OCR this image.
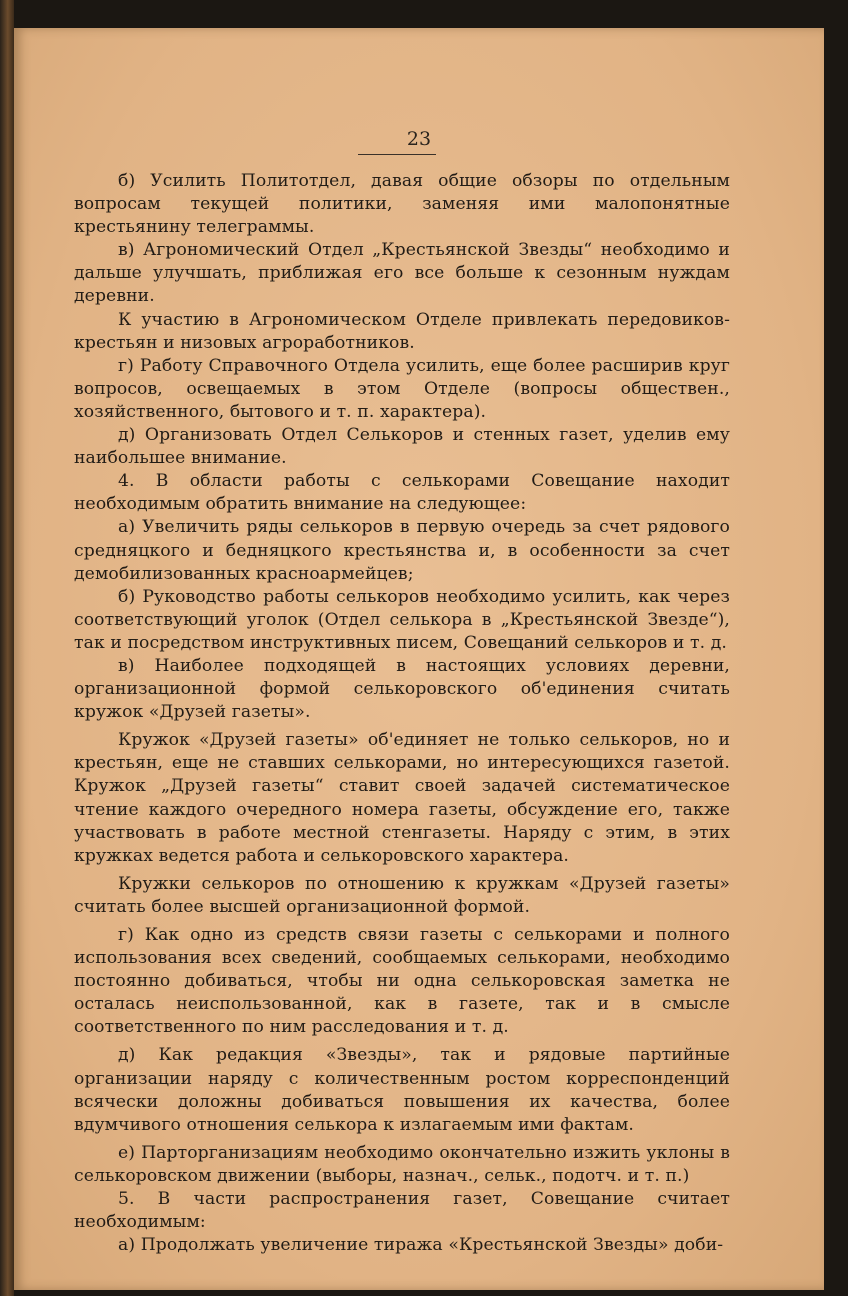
23

б) Усилить Политотдел, давая общие обзоры по отдельным вопросам текущей политики, заменяя ими малопонятные крестьянину телеграммы.

в) Агрономический Отдел „Крестьянской Звезды“ необходимо и дальше улучшать, приближая его все больше к сезонным нуждам деревни.

К участию в Агрономическом Отделе привлекать передовиков-крестьян и низовых агроработников.

г) Работу Справочного Отдела усилить, еще более расширив круг вопросов, освещаемых в этом Отделе (вопросы обществен., хозяйственного, бытового и т. п. характера).

д) Организовать Отдел Селькоров и стенных газет, уделив ему наибольшее внимание.

4. В области работы с селькорами Совещание находит необходимым обратить внимание на следующее:

а) Увеличить ряды селькоров в первую очередь за счет рядового средняцкого и бедняцкого крестьянства и, в особенности за счет демобилизованных красноармейцев;

б) Руководство работы селькоров необходимо усилить, как через соответствующий уголок (Отдел селькора в „Крестьянской Звезде“), так и посредством инструктивных писем, Совещаний селькоров и т. д.

в) Наиболее подходящей в настоящих условиях деревни, организационной формой селькоровского об'единения считать кружок «Друзей газеты».

Кружок «Друзей газеты» об'единяет не только селькоров, но и крестьян, еще не ставших селькорами, но интересующихся газетой. Кружок „Друзей газеты“ ставит своей задачей систематическое чтение каждого очередного номера газеты, обсуждение его, также участвовать в работе местной стенгазеты. Наряду с этим, в этих кружках ведется работа и селькоровского характера.

Кружки селькоров по отношению к кружкам «Друзей газеты» считать более высшей организационной формой.

г) Как одно из средств связи газеты с селькорами и полного использования всех сведений, сообщаемых селькорами, необходимо постоянно добиваться, чтобы ни одна селькоровская заметка не осталась неиспользованной, как в газете, так и в смысле соответственного по ним расследования и т. д.

д) Как редакция «Звезды», так и рядовые партийные организации наряду с количественным ростом корреспонденций всячески доложны добиваться повышения их качества, более вдумчивого отношения селькора к излагаемым ими фактам.

е) Парторганизациям необходимо окончательно изжить уклоны в селькоровском движении (выборы, назнач., сельк., подотч. и т. п.)

5. В части распространения газет, Совещание считает необходимым:

а) Продолжать увеличение тиража «Крестьянской Звезды» доби-
